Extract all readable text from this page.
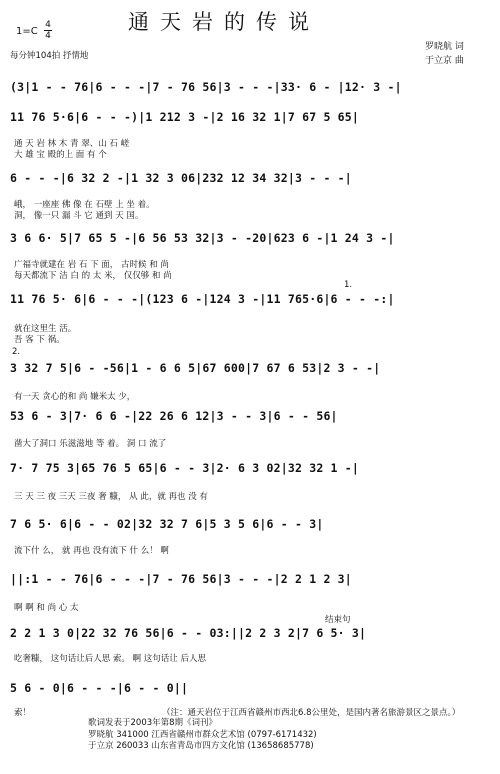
通天岩的传说
1=C
4
4
每分钟104拍 抒情地
罗晓航 词
于立京 曲
(3|1 - - 76|6 - - -|7 - 76 56|3 - - -|33· 6 - |12· 3 -|
11 76 5·6|6 - - -)|1 212 3 -|2 16 32 1|7 67 5 65|
通 天 岩 林 木 青 翠、山 石 嵯
大 雄 宝 殿的上 面 有 个
6 - - -|6 32 2 -|1 32 3 06|232 12 34 32|3 - - -|
峨， 一座座 佛 像 在 石壁 上 坐 着。
洞， 像一只 漏 斗 它 通到 天 国。
3 6 6· 5|7 65 5 -|6 56 53 32|3 - -20|623 6 -|1 24 3 -|
广福寺就建在 岩 石 下 面， 古时候 和 尚
每天都流下 洁 白 的 太 米， 仅仅够 和 尚
11 76 5· 6|6 - - -|(123 6 -|124 3 -|11 765·6|6 - - -:|
就在这里生 活。
吾 客 下 祸。
3 32 7 5|6 - -56|1 - 6 6 5|67 600|7 67 6 53|2 3 - -|
有一天 贪心的和 尚 嫌米太 少，
53 6 - 3|7· 6 6 -|22 26 6 12|3 - - 3|6 - - 56|
凿大了洞口 乐滋滋地 等 着。 洞 口 流了
7· 7 75 3|65 76 5 65|6 - - 3|2· 6 3 02|32 32 1 -|
三 天 三 夜 三天 三夜 奢 糠， 从 此，就 再也 没 有
7 6 5· 6|6 - - 02|32 32 7 6|5 3 5 6|6 - - 3|
流下什 么， 就 再也 没有流下 什 么！ 啊
||:1 - - 76|6 - - -|7 - 76 56|3 - - -|2 2 1 2 3|
啊 啊 和 尚 心 太
2 2 1 3 0|22 32 76 56|6 - - 03:||2 2 3 2|7 6 5· 3|
吃奢糠， 这句话让后人思 索。 啊 这句话让 后人思
5 6 - 0|6 - - -|6 - - 0||
索！
结束句
1.
2.
（注：通天岩位于江西省赣州市西北6.8公里处，是国内著名旅游景区之景点。）
歌词发表于2003年第8期《词刊》
罗晓航 341000 江西省赣州市群众艺术馆 (0797-6171432)
于立京 260033 山东省青岛市四方文化馆 (13658685778)
